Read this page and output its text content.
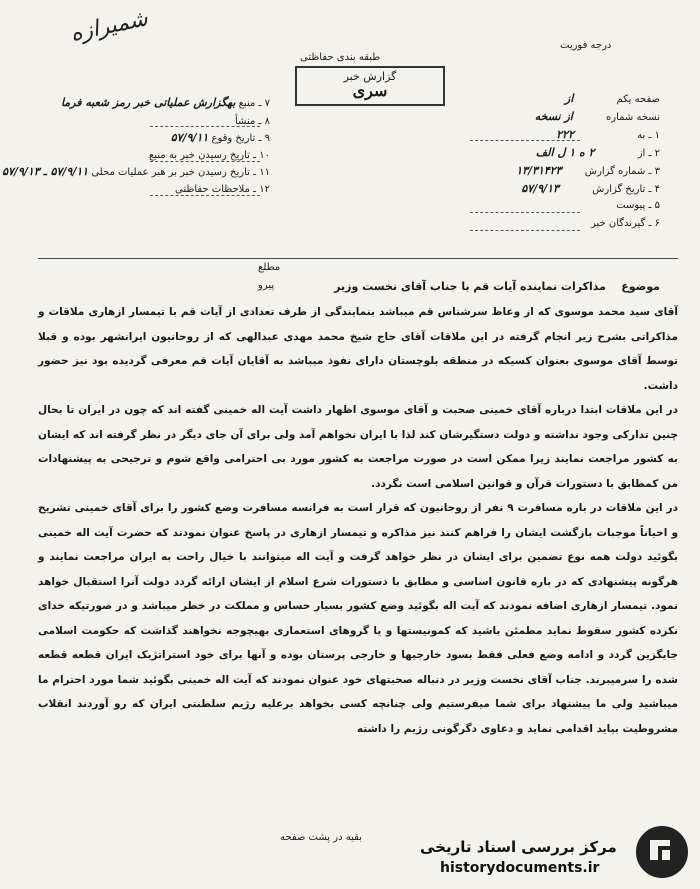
شمیرازه
طبقه بندی حفاظتی
درجه فوریت
گزارش خبر
سری
۷ ـ منبع بهگزارش عملیاتی خبر رمز شعبه فرما
۸ ـ منشأ
۹ ـ تاریخ وقوع ۵۷/۹/۱۱
۱۰ ـ تاریخ رسیدن خبر به منبع
۱۱ ـ تاریخ رسیدن خبر بر هبر عملیات محلی ۵۷/۹/۱۱ ـ ۵۷/۹/۱۳
۱۲ ـ ملاحظات حفاظتی
صفحه یکم از
نسخه شماره از نسخه
۱ ـ به ۲۲۲
۲ ـ از ۲ ه ۱ ل الف
۳ ـ شماره گزارش ۱۳/۳۱۴۲۳
۴ ـ تاریخ گزارش ۵۷/۹/۱۳
۵ ـ پیوست
۶ ـ گیرندگان خبر
مطلع
پیرو	موضوع    مذاکرات نماینده آیات قم با جناب آقای نخست وزیر

آقای سید محمد موسوی که از وعاظ سرشناس قم میباشد بنمایندگی از طرف تعدادی از آیات قم با تیمسار ازهاری ملاقات و مذاکراتی بشرح زیر انجام گرفته در این ملاقات آقای حاج شیخ محمد مهدی عبدالهی که از روحانیون ایرانشهر بوده و قبلا توسط آقای موسوی بعنوان کسیکه در منطقه بلوچستان دارای نفوذ میباشد به آقایان آیات قم معرفی گردیده بود نیز حضور داشت.

در این ملاقات ابتدا درباره آقای خمینی صحبت و آقای موسوی اظهار داشت آیت اله خمینی گفته اند که چون در ایران تا بحال چنین تدارکی وجود نداشته و دولت دستگیرشان کند لذا با ایران نخواهم آمد ولی برای آن جای دیگر در نظر گرفته اند که ایشان به کشور مراجعت نمایند زیرا ممکن است در صورت مراجعت به کشور مورد بی احترامی واقع شوم و ترجیحی به پیشنهادات من کمطابق با دستورات قرآن و قوانین اسلامی است نگردد.

در این ملاقات در باره مسافرت ۹ نفر از روحانیون که قرار است به فرانسه مسافرت وضع کشور را برای آقای خمینی تشریح و احیاناً موجبات بازگشت ایشان را فراهم کنند نیز مذاکره و تیمسار ازهاری در پاسخ عنوان نمودند که حضرت آیت اله خمینی بگوئید دولت همه نوع تضمین برای ایشان در نظر خواهد گرفت و آیت اله میتوانند با خیال راحت به ایران مراجعت نمایند و هرگونه پیشنهادی که در باره قانون اساسی و مطابق با دستورات شرع اسلام از ایشان ارائه گردد دولت آنرا استقبال خواهد نمود. تیمسار ازهاری اضافه نمودند که آیت اله بگوئید وضع کشور بسیار حساس و مملکت در خطر میباشد و در صورتیکه خدای نکرده کشور سقوط نماید مطمئن باشید که کمونیستها و یا گروهای استعماری بهیچوجه نخواهند گذاشت که حکومت اسلامی جایگزین گردد و ادامه وضع فعلی فقط بسود خارجیها و خارجی پرستان بوده و آنها برای خود استراتژیک ایران قطعه قطعه شده را سرمیبرند. جناب آقای نخست وزیر در دنباله صحبتهای خود عنوان نمودند که آیت اله خمینی بگوئید شما مورد احترام ما میباشید ولی ما پیشنهاد برای شما میفرستیم ولی چنانچه کسی بخواهد برعلیه رژیم سلطنتی ایران که رو آوردند انقلاب مشروطیت بیاید اقدامی نماید و دعاوی دگرگونی رژیم را داشته

بقیه در پشت صفحه
مرکز بررسی اسناد تاریخی
historydocuments.ir
